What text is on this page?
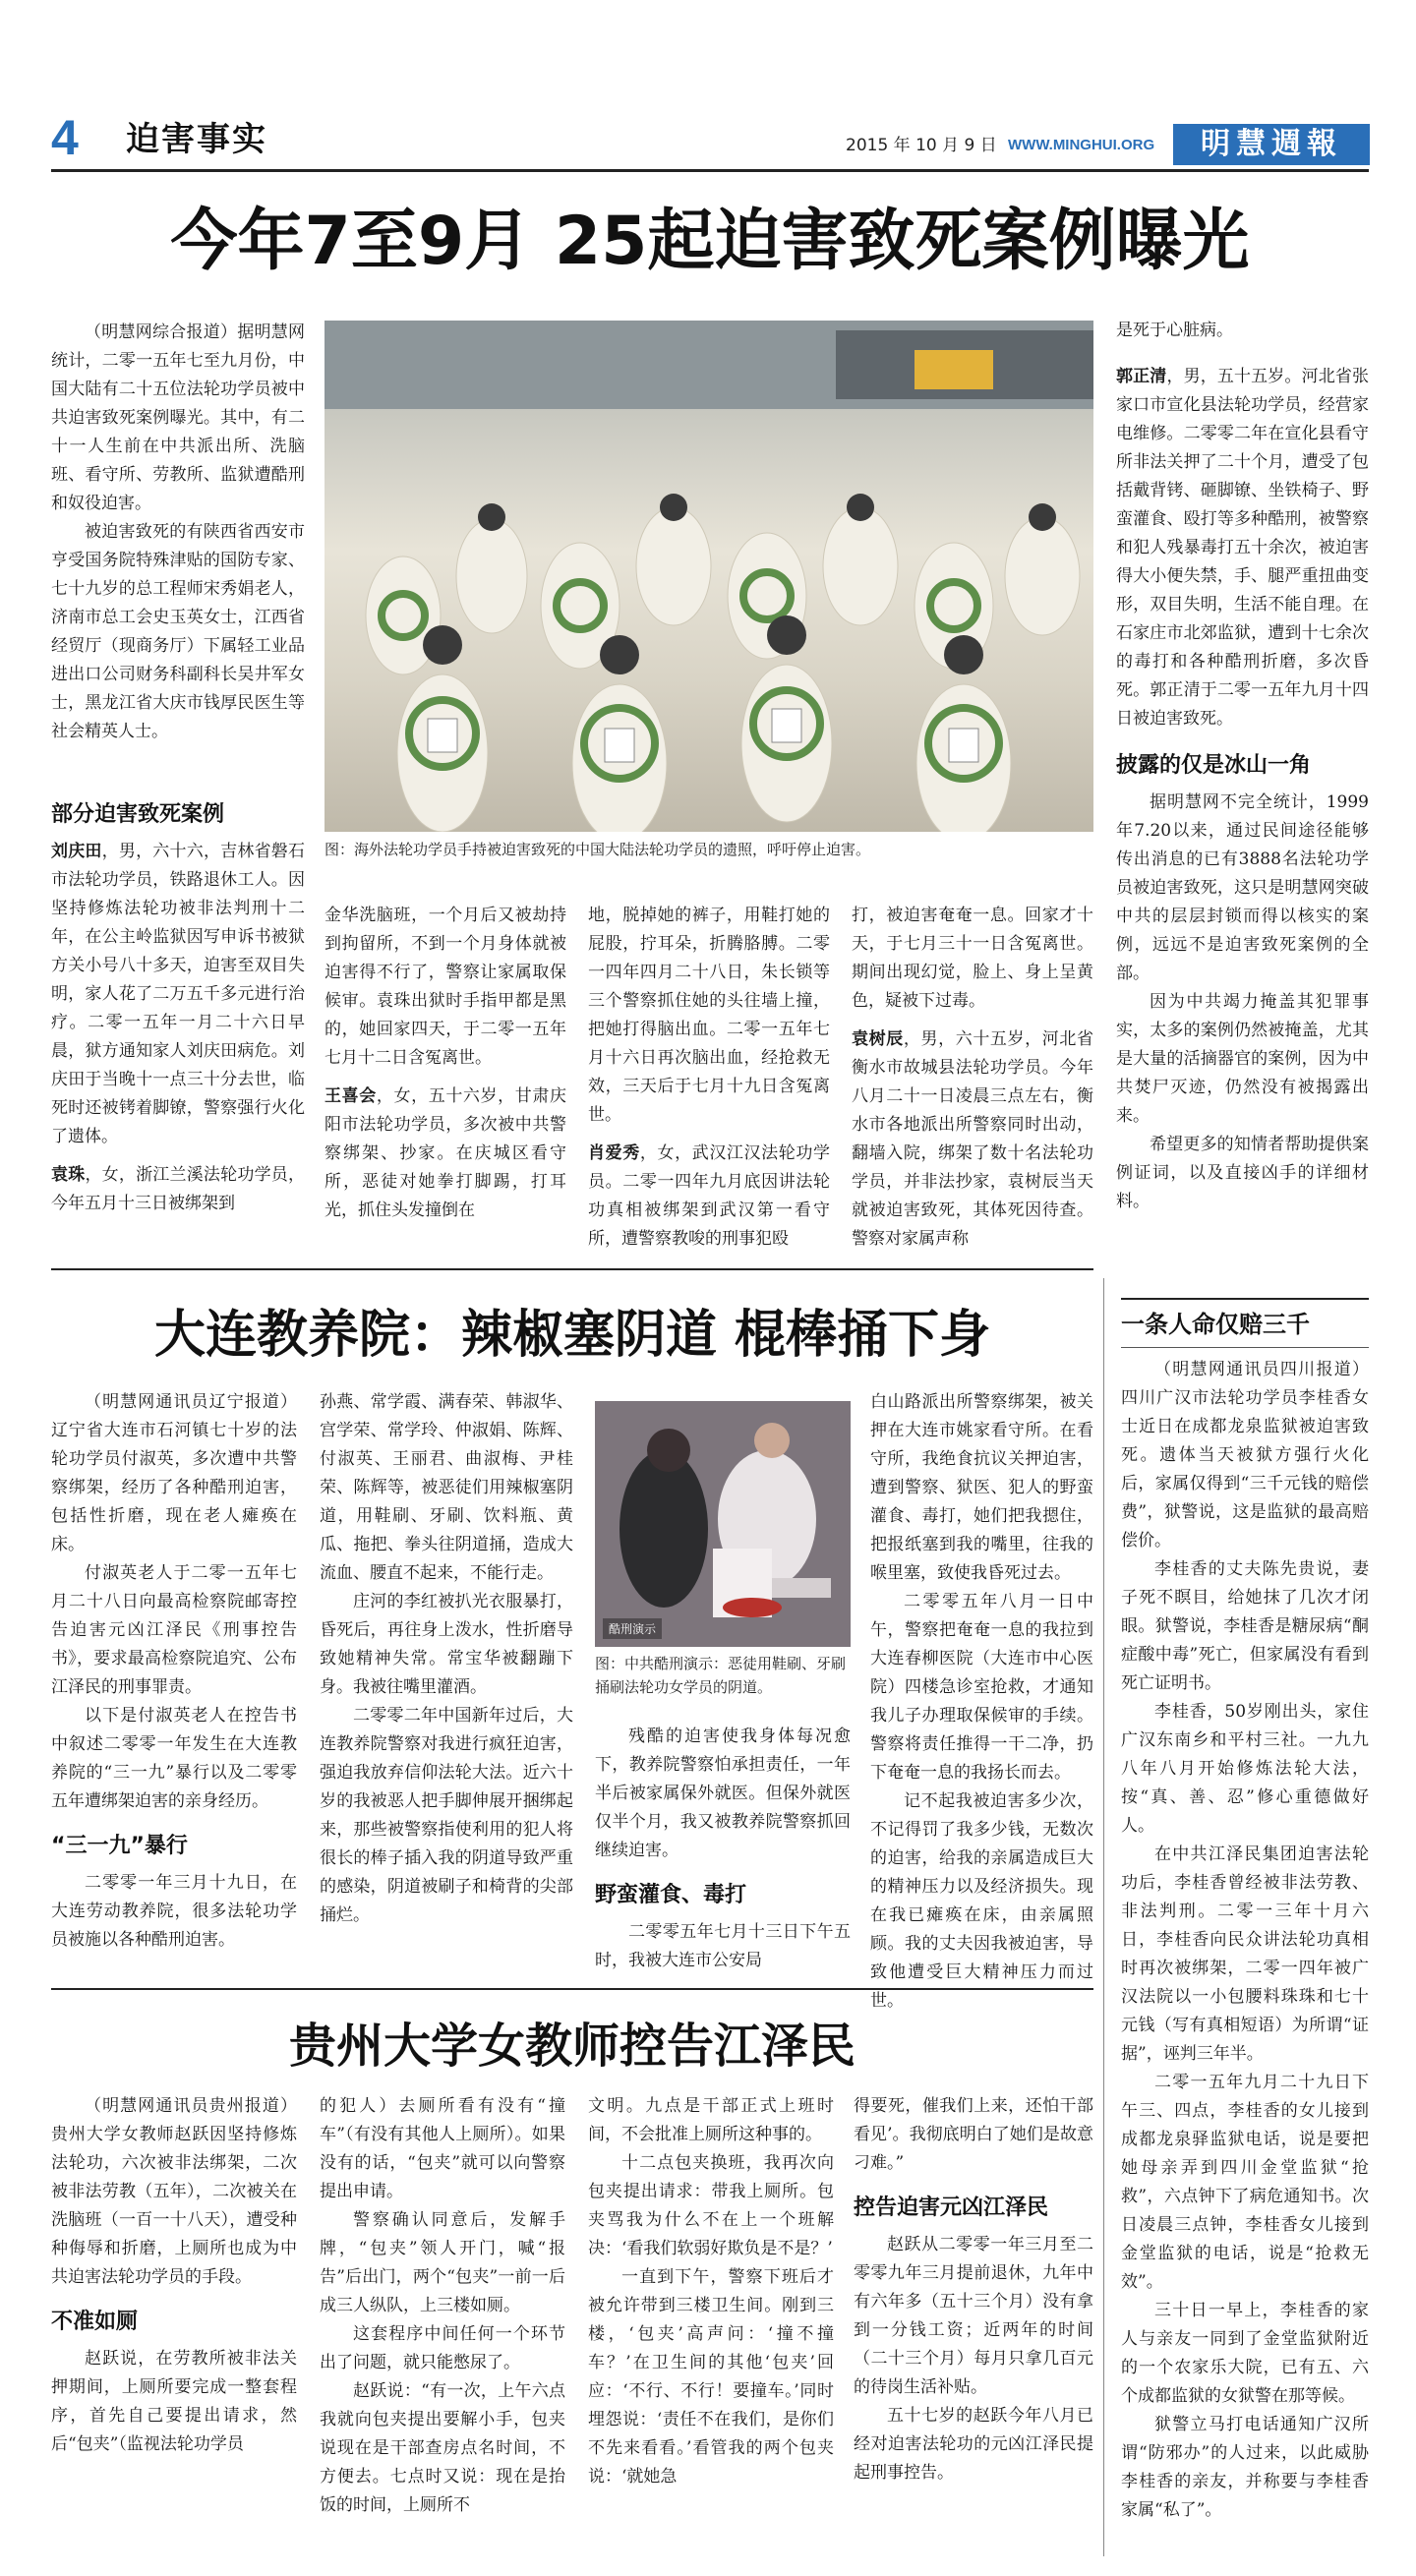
4 迫害事实	2015 年 10 月 9 日 WWW.MINGHUI.ORG	明慧週報
今年7至9月 25起迫害致死案例曝光

（明慧网综合报道）据明慧网统计，二零一五年七至九月份，中国大陆有二十五位法轮功学员被中共迫害致死案例曝光。其中，有二十一人生前在中共派出所、洗脑班、看守所、劳教所、监狱遭酷刑和奴役迫害。

被迫害致死的有陕西省西安市亨受国务院特殊津贴的国防专家、七十九岁的总工程师宋秀娟老人，济南市总工会史玉英女士，江西省经贸厅（现商务厅）下属轻工业品进出口公司财务科副科长吴井军女士，黑龙江省大庆市钱厚民医生等社会精英人士。

图：海外法轮功学员手持被迫害致死的中国大陆法轮功学员的遗照，呼吁停止迫害。
部分迫害致死案例

刘庆田，男，六十六，吉林省磐石市法轮功学员，铁路退休工人。因坚持修炼法轮功被非法判刑十二年，在公主岭监狱因写申诉书被狱方关小号八十多天，迫害至双目失明，家人花了二万五千多元进行治疗。二零一五年一月二十六日早晨，狱方通知家人刘庆田病危。刘庆田于当晚十一点三十分去世，临死时还被铐着脚镣，警察强行火化了遗体。

袁珠，女，浙江兰溪法轮功学员，今年五月十三日被绑架到

金华洗脑班，一个月后又被劫持到拘留所，不到一个月身体就被迫害得不行了，警察让家属取保候审。袁珠出狱时手指甲都是黑的，她回家四天，于二零一五年七月十二日含冤离世。

王喜会，女，五十六岁，甘肃庆阳市法轮功学员，多次被中共警察绑架、抄家。在庆城区看守所，恶徒对她拳打脚踢，打耳光，抓住头发撞倒在

地，脱掉她的裤子，用鞋打她的屁股，拧耳朵，折腾胳膊。二零一四年四月二十八日，朱长锁等三个警察抓住她的头往墙上撞，把她打得脑出血。二零一五年七月十六日再次脑出血，经抢救无效，三天后于七月十九日含冤离世。

肖爱秀，女，武汉江汉法轮功学员。二零一四年九月底因讲法轮功真相被绑架到武汉第一看守所，遭警察教唆的刑事犯殴

打，被迫害奄奄一息。回家才十天，于七月三十一日含冤离世。期间出现幻觉，脸上、身上呈黄色，疑被下过毒。

袁树辰，男，六十五岁，河北省衡水市故城县法轮功学员。今年八月二十一日凌晨三点左右，衡水市各地派出所警察同时出动，翻墙入院，绑架了数十名法轮功学员，并非法抄家，袁树辰当天就被迫害致死，其体死因待查。警察对家属声称

是死于心脏病。

郭正清，男，五十五岁。河北省张家口市宣化县法轮功学员，经营家电维修。二零零二年在宣化县看守所非法关押了二十个月，遭受了包括戴背铐、砸脚镣、坐铁椅子、野蛮灌食、殴打等多种酷刑，被警察和犯人残暴毒打五十余次，被迫害得大小便失禁，手、腿严重扭曲变形，双目失明，生活不能自理。在石家庄市北郊监狱，遭到十七余次的毒打和各种酷刑折磨，多次昏死。郭正清于二零一五年九月十四日被迫害致死。

披露的仅是冰山一角

据明慧网不完全统计，1999年7.20以来，通过民间途径能够传出消息的已有3888名法轮功学员被迫害致死，这只是明慧网突破中共的层层封锁而得以核实的案例，远远不是迫害致死案例的全部。

因为中共竭力掩盖其犯罪事实，太多的案例仍然被掩盖，尤其是大量的活摘器官的案例，因为中共焚尸灭迹，仍然没有被揭露出来。

希望更多的知情者帮助提供案例证词，以及直接凶手的详细材料。

大连教养院：辣椒塞阴道 棍棒捅下身

（明慧网通讯员辽宁报道）辽宁省大连市石河镇七十岁的法轮功学员付淑英，多次遭中共警察绑架，经历了各种酷刑迫害，包括性折磨，现在老人瘫痪在床。

付淑英老人于二零一五年七月二十八日向最高检察院邮寄控告迫害元凶江泽民《刑事控告书》，要求最高检察院追究、公布江泽民的刑事罪责。

以下是付淑英老人在控告书中叙述二零零一年发生在大连教养院的“三一九”暴行以及二零零五年遭绑架迫害的亲身经历。

“三一九”暴行

二零零一年三月十九日，在大连劳动教养院，很多法轮功学员被施以各种酷刑迫害。

孙燕、常学霞、满春荣、韩淑华、宫学荣、常学玲、仲淑娟、陈辉、付淑英、王丽君、曲淑梅、尹桂荣、陈辉等，被恶徒们用辣椒塞阴道，用鞋刷、牙刷、饮料瓶、黄瓜、拖把、拳头往阴道捅，造成大流血、腰直不起来，不能行走。

庄河的李红被扒光衣服暴打，昏死后，再往身上泼水，性折磨导致她精神失常。常宝华被翻蹦下身。我被往嘴里灌酒。

二零零二年中国新年过后，大连教养院警察对我进行疯狂迫害，强迫我放弃信仰法轮大法。近六十岁的我被恶人把手脚伸展开捆绑起来，那些被警察指使利用的犯人将很长的棒子插入我的阴道导致严重的感染，阴道被刷子和椅背的尖部捅烂。

酷刑演示
图：中共酷刑演示：恶徒用鞋刷、牙刷捅刷法轮功女学员的阴道。

残酷的迫害使我身体每况愈下，教养院警察怕承担责任，一年半后被家属保外就医。但保外就医仅半个月，我又被教养院警察抓回继续迫害。

野蛮灌食、毒打

二零零五年七月十三日下午五时，我被大连市公安局

白山路派出所警察绑架，被关押在大连市姚家看守所。在看守所，我绝食抗议关押迫害，遭到警察、狱医、犯人的野蛮灌食、毒打，她们把我摁住，把报纸塞到我的嘴里，往我的喉里塞，致使我昏死过去。

二零零五年八月一日中午，警察把奄奄一息的我拉到大连春柳医院（大连市中心医院）四楼急诊室抢救，才通知我儿子办理取保候审的手续。警察将责任推得一干二净，扔下奄奄一息的我扬长而去。

记不起我被迫害多少次，不记得罚了我多少钱，无数次的迫害，给我的亲属造成巨大的精神压力以及经济损失。现在我已瘫痪在床，由亲属照顾。我的丈夫因我被迫害，导致他遭受巨大精神压力而过世。

贵州大学女教师控告江泽民

（明慧网通讯员贵州报道）贵州大学女教师赵跃因坚持修炼法轮功，六次被非法绑架，二次被非法劳教（五年），二次被关在洗脑班（一百一十八天），遭受种种侮辱和折磨，上厕所也成为中共迫害法轮功学员的手段。

不准如厕

赵跃说，在劳教所被非法关押期间，上厕所要完成一整套程序，首先自己要提出请求，然后“包夹”（监视法轮功学员

的犯人）去厕所看有没有“撞车”（有没有其他人上厕所）。如果没有的话，“包夹”就可以向警察提出申请。

警察确认同意后，发解手牌，“包夹”领人开门，喊“报告”后出门，两个“包夹”一前一后成三人纵队，上三楼如厕。

这套程序中间任何一个环节出了问题，就只能憋尿了。

赵跃说：“有一次，上午六点我就向包夹提出要解小手，包夹说现在是干部查房点名时间，不方便去。七点时又说：现在是抬饭的时间，上厕所不

文明。九点是干部正式上班时间，不会批准上厕所这种事的。

十二点包夹换班，我再次向包夹提出请求：带我上厕所。包夹骂我为什么不在上一个班解决：‘看我们软弱好欺负是不是？’

一直到下午，警察下班后才被允许带到三楼卫生间。刚到三楼，‘包夹’高声问：‘撞不撞车？’在卫生间的其他‘包夹’回应：‘不行、不行！要撞车。’同时埋怨说：‘责任不在我们，是你们不先来看看。’看管我的两个包夹说：‘就她急

得要死，催我们上来，还怕干部看见’。我彻底明白了她们是故意刁难。”

控告迫害元凶江泽民

赵跃从二零零一年三月至二零零九年三月提前退休，九年中有六年多（五十三个月）没有拿到一分钱工资；近两年的时间（二十三个月）每月只拿几百元的待岗生活补贴。

五十七岁的赵跃今年八月已经对迫害法轮功的元凶江泽民提起刑事控告。

一条人命仅赔三千

（明慧网通讯员四川报道）四川广汉市法轮功学员李桂香女士近日在成都龙泉监狱被迫害致死。遗体当天被狱方强行火化后，家属仅得到“三千元钱的赔偿费”，狱警说，这是监狱的最高赔偿价。

李桂香的丈夫陈先贵说，妻子死不瞑目，给她抹了几次才闭眼。狱警说，李桂香是糖尿病“酮症酸中毒”死亡，但家属没有看到死亡证明书。

李桂香，50岁刚出头，家住广汉东南乡和平村三社。一九九八年八月开始修炼法轮大法，按“真、善、忍”修心重德做好人。

在中共江泽民集团迫害法轮功后，李桂香曾经被非法劳教、非法判刑。二零一三年十月六日，李桂香向民众讲法轮功真相时再次被绑架，二零一四年被广汉法院以一小包腰料珠珠和七十元钱（写有真相短语）为所谓“证据”，诬判三年半。

二零一五年九月二十九日下午三、四点，李桂香的女儿接到成都龙泉驿监狱电话，说是要把她母亲弄到四川金堂监狱“抢救”，六点钟下了病危通知书。次日凌晨三点钟，李桂香女儿接到金堂监狱的电话，说是“抢救无效”。

三十日一早上，李桂香的家人与亲友一同到了金堂监狱附近的一个农家乐大院，已有五、六个成都监狱的女狱警在那等候。

狱警立马打电话通知广汉所谓“防邪办”的人过来，以此威胁李桂香的亲友，并称要与李桂香家属“私了”。
